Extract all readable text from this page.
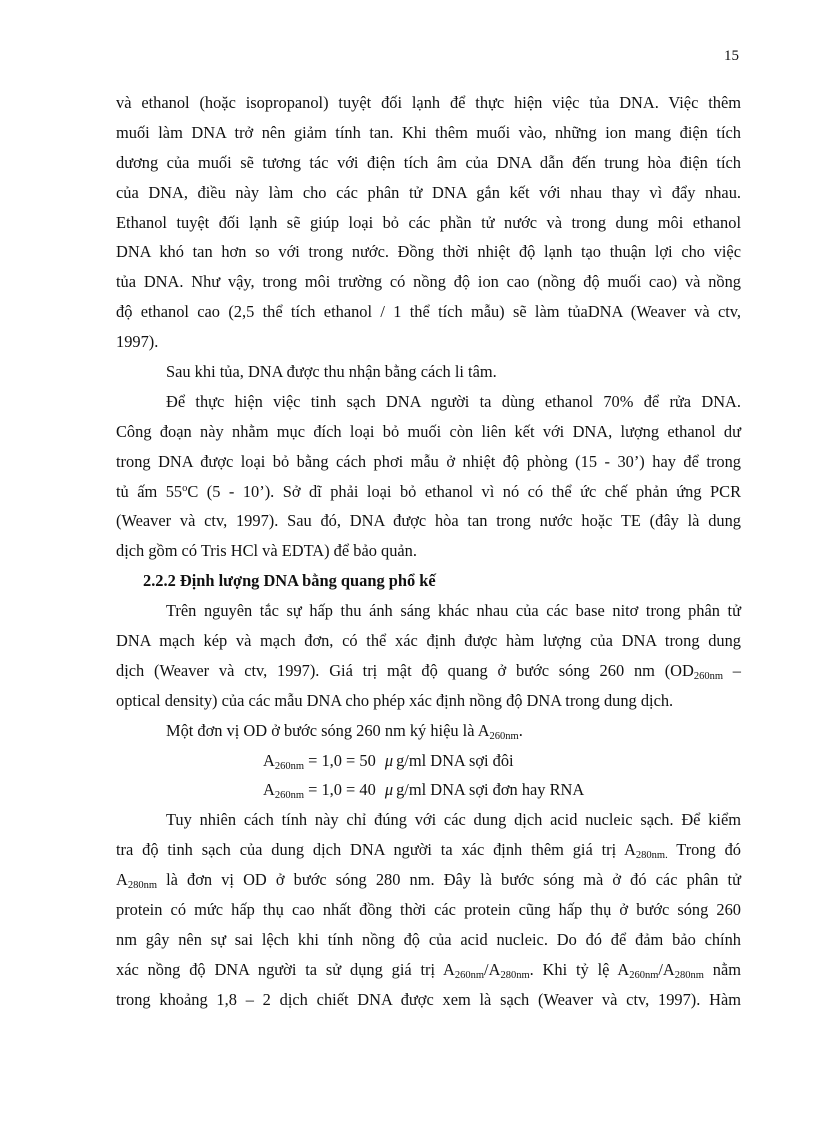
15
và ethanol (hoặc isopropanol) tuyệt đối lạnh để thực hiện việc tủa DNA. Việc thêm
muối làm DNA trở nên giảm tính tan. Khi thêm muối vào, những ion mang điện tích
dương của muối sẽ tương tác với điện tích âm của DNA dẫn đến trung hòa điện tích
của DNA, điều này làm cho các phân tử DNA gắn kết với nhau thay vì đẩy nhau.
Ethanol tuyệt đối lạnh sẽ giúp loại bỏ các phần tử nước và trong dung môi ethanol
DNA khó tan hơn so với trong nước. Đồng thời nhiệt độ lạnh tạo thuận lợi cho việc
tủa DNA. Như vậy, trong môi trường có nồng độ ion cao (nồng độ muối cao) và nồng
độ ethanol cao (2,5 thể tích ethanol / 1 thể tích mẫu) sẽ làm tủaDNA (Weaver và ctv,
1997).
Sau khi tủa, DNA được thu nhận bằng cách li tâm.
Để thực hiện việc tinh sạch DNA người ta dùng ethanol 70% để rửa DNA.
Công đoạn này nhằm mục đích loại bỏ muối còn liên kết với DNA, lượng ethanol dư
trong DNA được loại bỏ bằng cách phơi mẫu ở nhiệt độ phòng (15 - 30’) hay để trong
tủ ấm 55$^o$C (5 - 10’). Sở dĩ phải loại bỏ ethanol vì nó có thể ức chế phản ứng PCR
(Weaver và ctv, 1997). Sau đó, DNA được hòa tan trong nước hoặc TE (đây là dung
dịch gồm có Tris HCl và EDTA) để bảo quản.
2.2.2 Định lượng DNA bằng quang phổ kế
Trên nguyên tắc sự hấp thu ánh sáng khác nhau của các base nitơ trong phân tử
DNA mạch kép và mạch đơn, có thể xác định được hàm lượng của DNA trong dung
dịch (Weaver và ctv, 1997). Giá trị mật độ quang ở bước sóng 260 nm ($OD_{260nm}$ –
optical density) của các mẫu DNA cho phép xác định nồng độ DNA trong dung dịch.
Một đơn vị OD ở bước sóng 260 nm ký hiệu là $A_{260nm}$.
$A_{260nm} = 1,0 = 50$ μ g/ml DNA sợi đôi
$A_{260nm} = 1,0 = 40$ μ g/ml DNA sợi đơn hay RNA
Tuy nhiên cách tính này chỉ đúng với các dung dịch acid nucleic sạch. Để kiểm
tra độ tinh sạch của dung dịch DNA người ta xác định thêm giá trị $A_{280nm.}$ Trong đó
$A_{280nm}$ là đơn vị OD ở bước sóng 280 nm. Đây là bước sóng mà ở đó các phân tử
protein có mức hấp thụ cao nhất đồng thời các protein cũng hấp thụ ở bước sóng 260
nm gây nên sự sai lệch khi tính nồng độ của acid nucleic. Do đó để đảm bảo chính
xác nồng độ DNA người ta sử dụng giá trị $A_{260nm}/A_{280nm}$. Khi tỷ lệ $A_{260nm}/A_{280nm}$ nằm
trong khoảng 1,8 – 2 dịch chiết DNA được xem là sạch (Weaver và ctv, 1997). Hàm
